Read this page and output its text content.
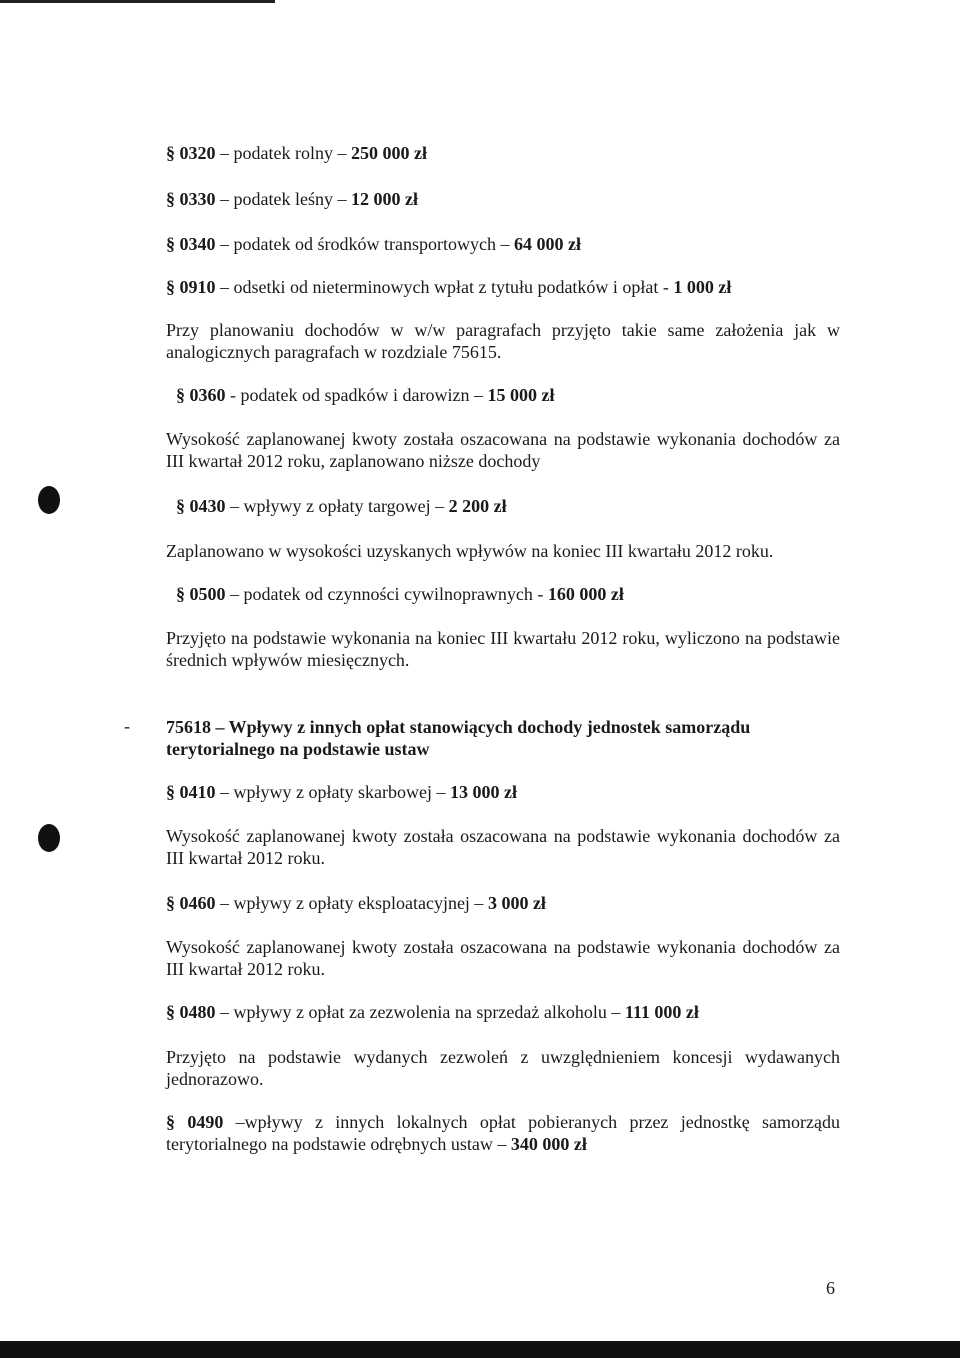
§ 0320 – podatek rolny – 250 000 zł
§ 0330 – podatek leśny – 12 000 zł
§ 0340 – podatek od środków transportowych – 64 000 zł
§ 0910 – odsetki od nieterminowych wpłat z tytułu podatków i opłat - 1 000 zł
Przy planowaniu dochodów w w/w paragrafach przyjęto takie same założenia jak w analogicznych paragrafach w rozdziale 75615.
§ 0360 - podatek od spadków i darowizn – 15 000 zł
Wysokość zaplanowanej kwoty została oszacowana na podstawie wykonania dochodów za III kwartał 2012 roku, zaplanowano niższe dochody
§ 0430 – wpływy z opłaty targowej – 2 200 zł
Zaplanowano w wysokości uzyskanych wpływów na koniec III kwartału 2012 roku.
§ 0500 – podatek od czynności cywilnoprawnych - 160 000 zł
Przyjęto na podstawie wykonania na koniec III kwartału 2012 roku, wyliczono na podstawie średnich wpływów miesięcznych.
- 75618 – Wpływy z innych opłat stanowiących dochody jednostek samorządu
terytorialnego na podstawie ustaw
§ 0410 – wpływy z opłaty skarbowej – 13 000 zł
Wysokość zaplanowanej kwoty została oszacowana na podstawie wykonania dochodów za III kwartał 2012 roku.
§ 0460 – wpływy z opłaty eksploatacyjnej – 3 000 zł
Wysokość zaplanowanej kwoty została oszacowana na podstawie wykonania dochodów za III kwartał 2012 roku.
§ 0480 – wpływy z opłat za zezwolenia na sprzedaż alkoholu – 111 000 zł
Przyjęto na podstawie wydanych zezwoleń z uwzględnieniem koncesji wydawanych jednorazowo.
§ 0490 –wpływy z innych lokalnych opłat pobieranych przez jednostkę samorządu terytorialnego na podstawie odrębnych ustaw – 340 000 zł
6
